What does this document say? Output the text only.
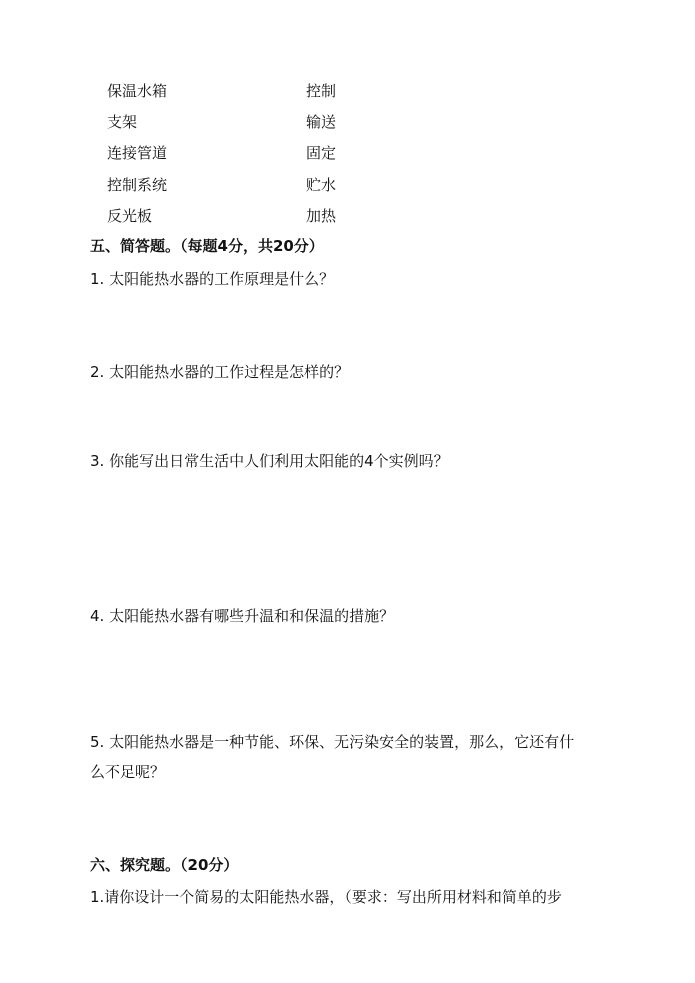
保温水箱
支架
连接管道
控制系统
反光板
控制
输送
固定
贮水
加热
五、简答题。（每题4分，共20分）
1. 太阳能热水器的工作原理是什么？
2. 太阳能热水器的工作过程是怎样的？
3. 你能写出日常生活中人们利用太阳能的4个实例吗？
4. 太阳能热水器有哪些升温和和保温的措施？
5. 太阳能热水器是一种节能、环保、无污染安全的装置，那么，它还有什
么不足呢？
六、探究题。（20分）
1.请你设计一个简易的太阳能热水器，（要求：写出所用材料和简单的步
